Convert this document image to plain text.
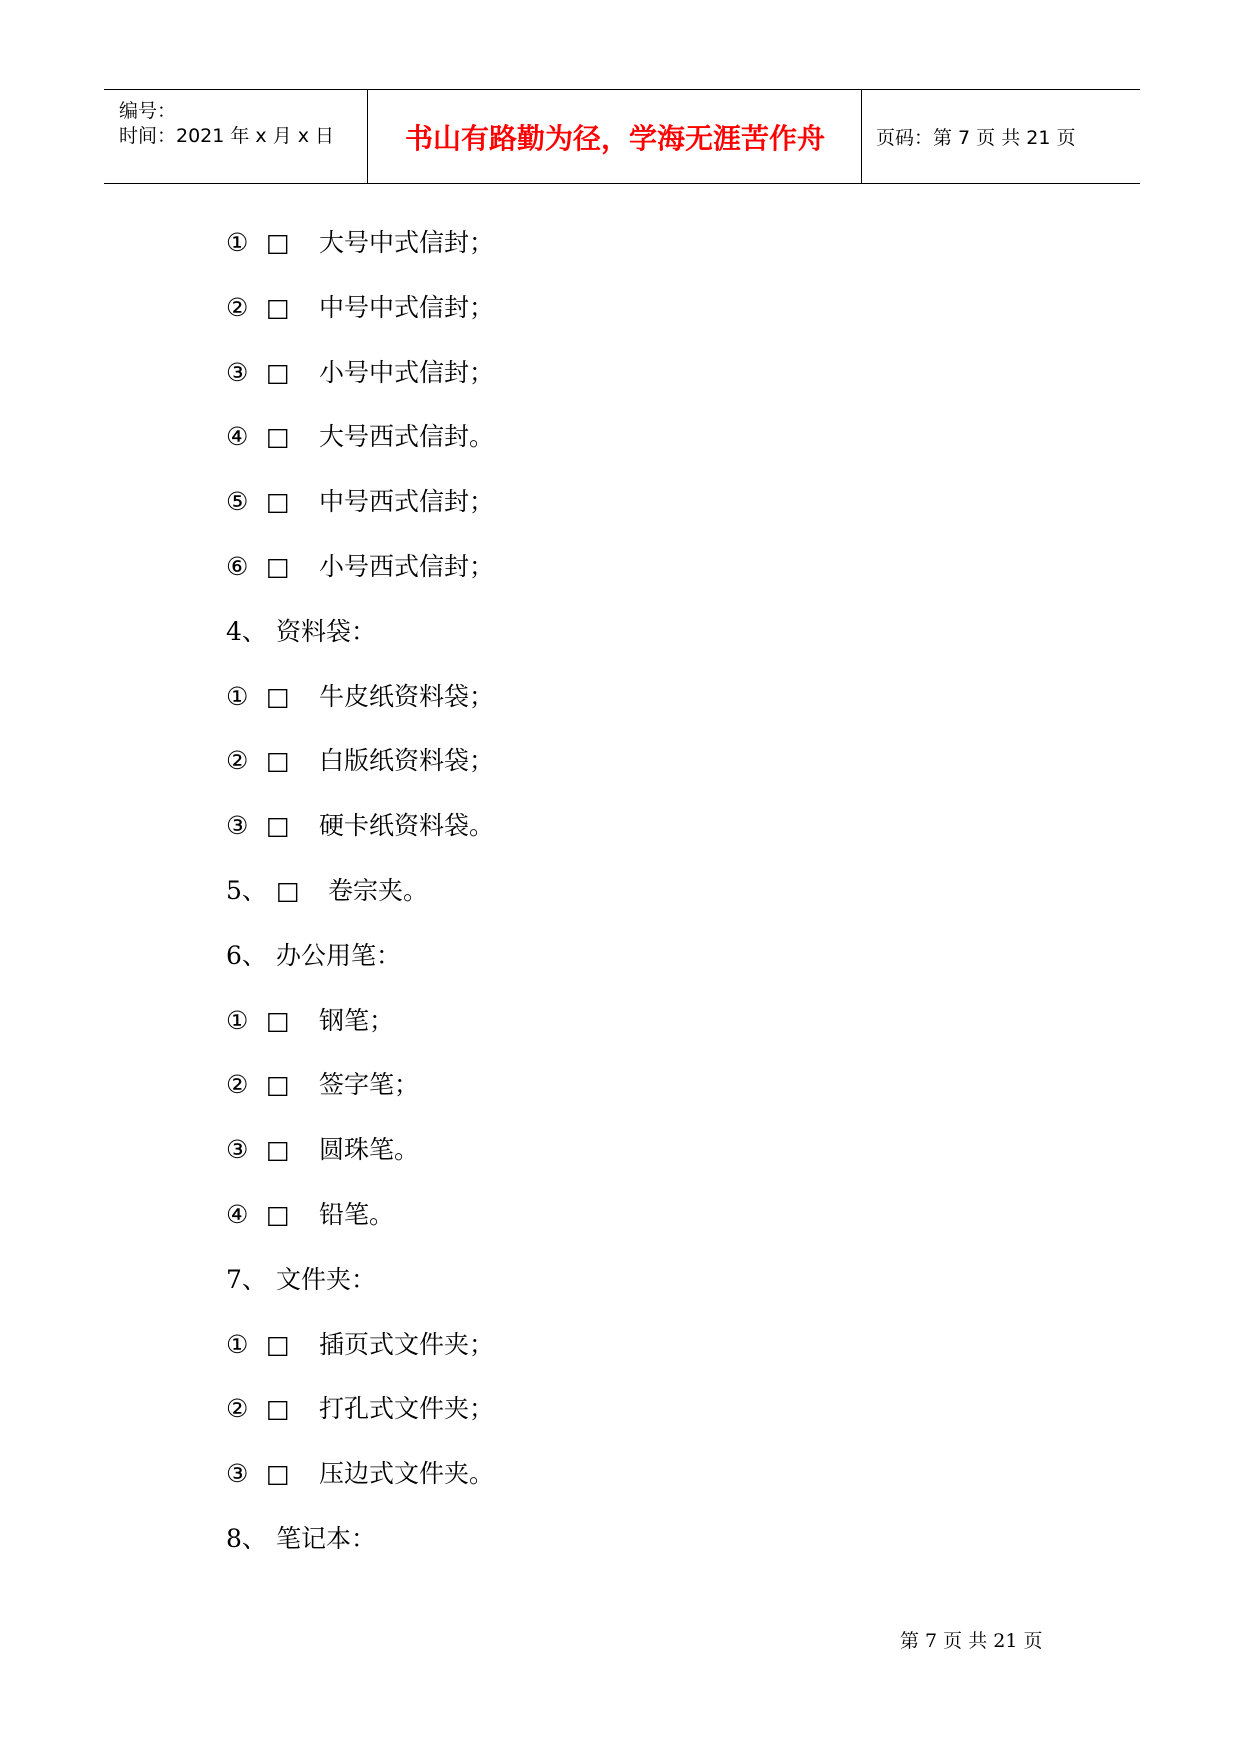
编号：
时间：2021 年 x 月 x 日	书山有路勤为径，学海无涯苦作舟	页码：第 7 页 共 21 页
① □ 大号中式信封；
② □ 中号中式信封；
③ □ 小号中式信封；
④ □ 大号西式信封。
⑤ □ 中号西式信封；
⑥ □ 小号西式信封；
4、 资料袋：
① □ 牛皮纸资料袋；
② □ 白版纸资料袋；
③ □ 硬卡纸资料袋。
5、 □ 卷宗夹。
6、 办公用笔：
① □ 钢笔；
② □ 签字笔；
③ □ 圆珠笔。
④ □ 铅笔。
7、 文件夹：
① □ 插页式文件夹；
② □ 打孔式文件夹；
③ □ 压边式文件夹。
8、 笔记本：
第 7 页 共 21 页
